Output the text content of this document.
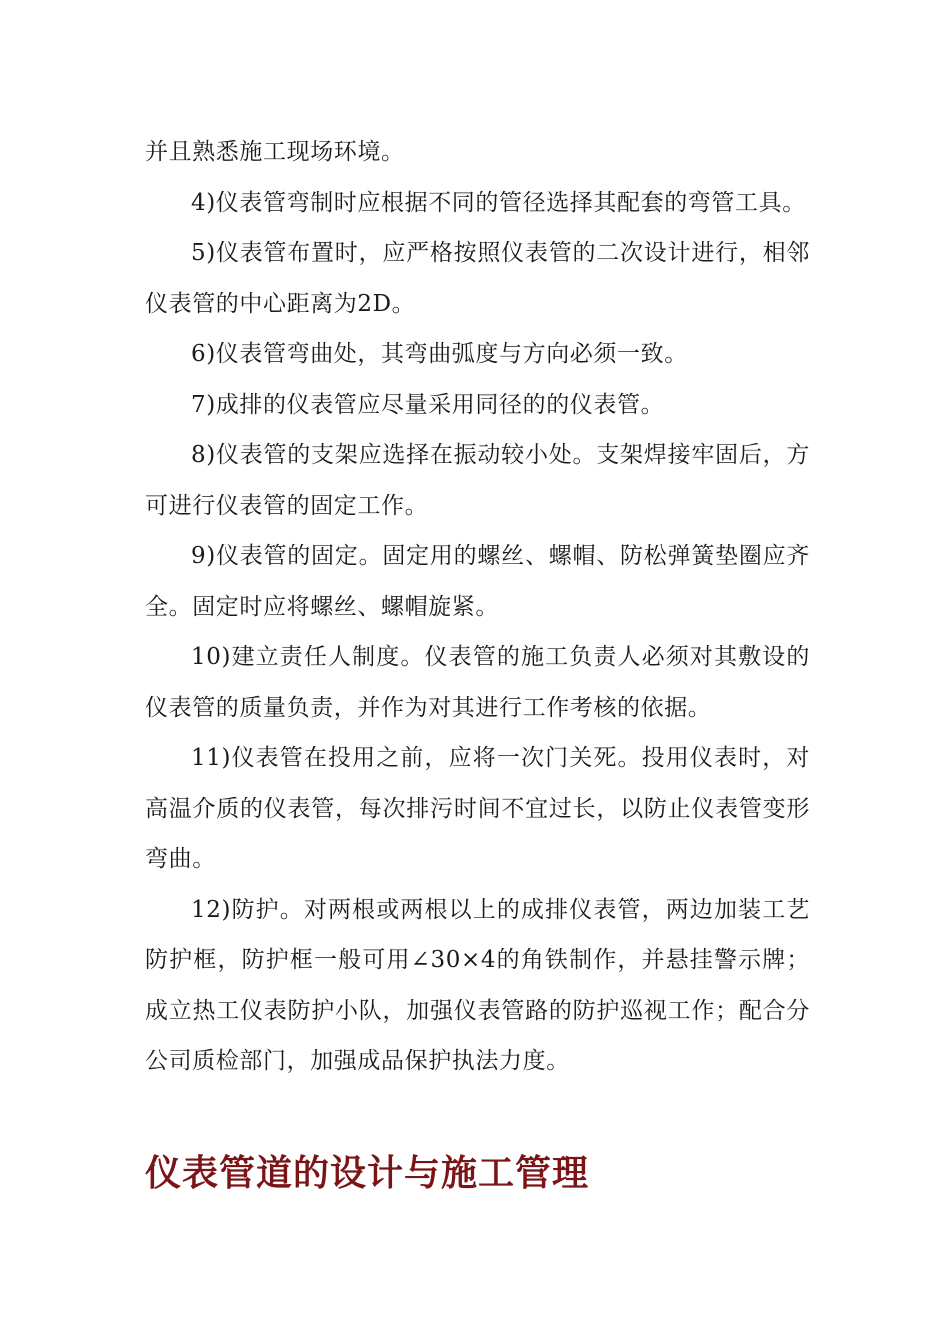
并且熟悉施工现场环境。

4)仪表管弯制时应根据不同的管径选择其配套的弯管工具。

5)仪表管布置时，应严格按照仪表管的二次设计进行，相邻仪表管的中心距离为2D。

6)仪表管弯曲处，其弯曲弧度与方向必须一致。

7)成排的仪表管应尽量采用同径的的仪表管。

8)仪表管的支架应选择在振动较小处。支架焊接牢固后，方可进行仪表管的固定工作。

9)仪表管的固定。固定用的螺丝、螺帽、防松弹簧垫圈应齐全。固定时应将螺丝、螺帽旋紧。

10)建立责任人制度。仪表管的施工负责人必须对其敷设的仪表管的质量负责，并作为对其进行工作考核的依据。

11)仪表管在投用之前，应将一次门关死。投用仪表时，对高温介质的仪表管，每次排污时间不宜过长，以防止仪表管变形弯曲。

12)防护。对两根或两根以上的成排仪表管，两边加装工艺防护框，防护框一般可用∠30×4的角铁制作，并悬挂警示牌；成立热工仪表防护小队，加强仪表管路的防护巡视工作；配合分公司质检部门，加强成品保护执法力度。

仪表管道的设计与施工管理
